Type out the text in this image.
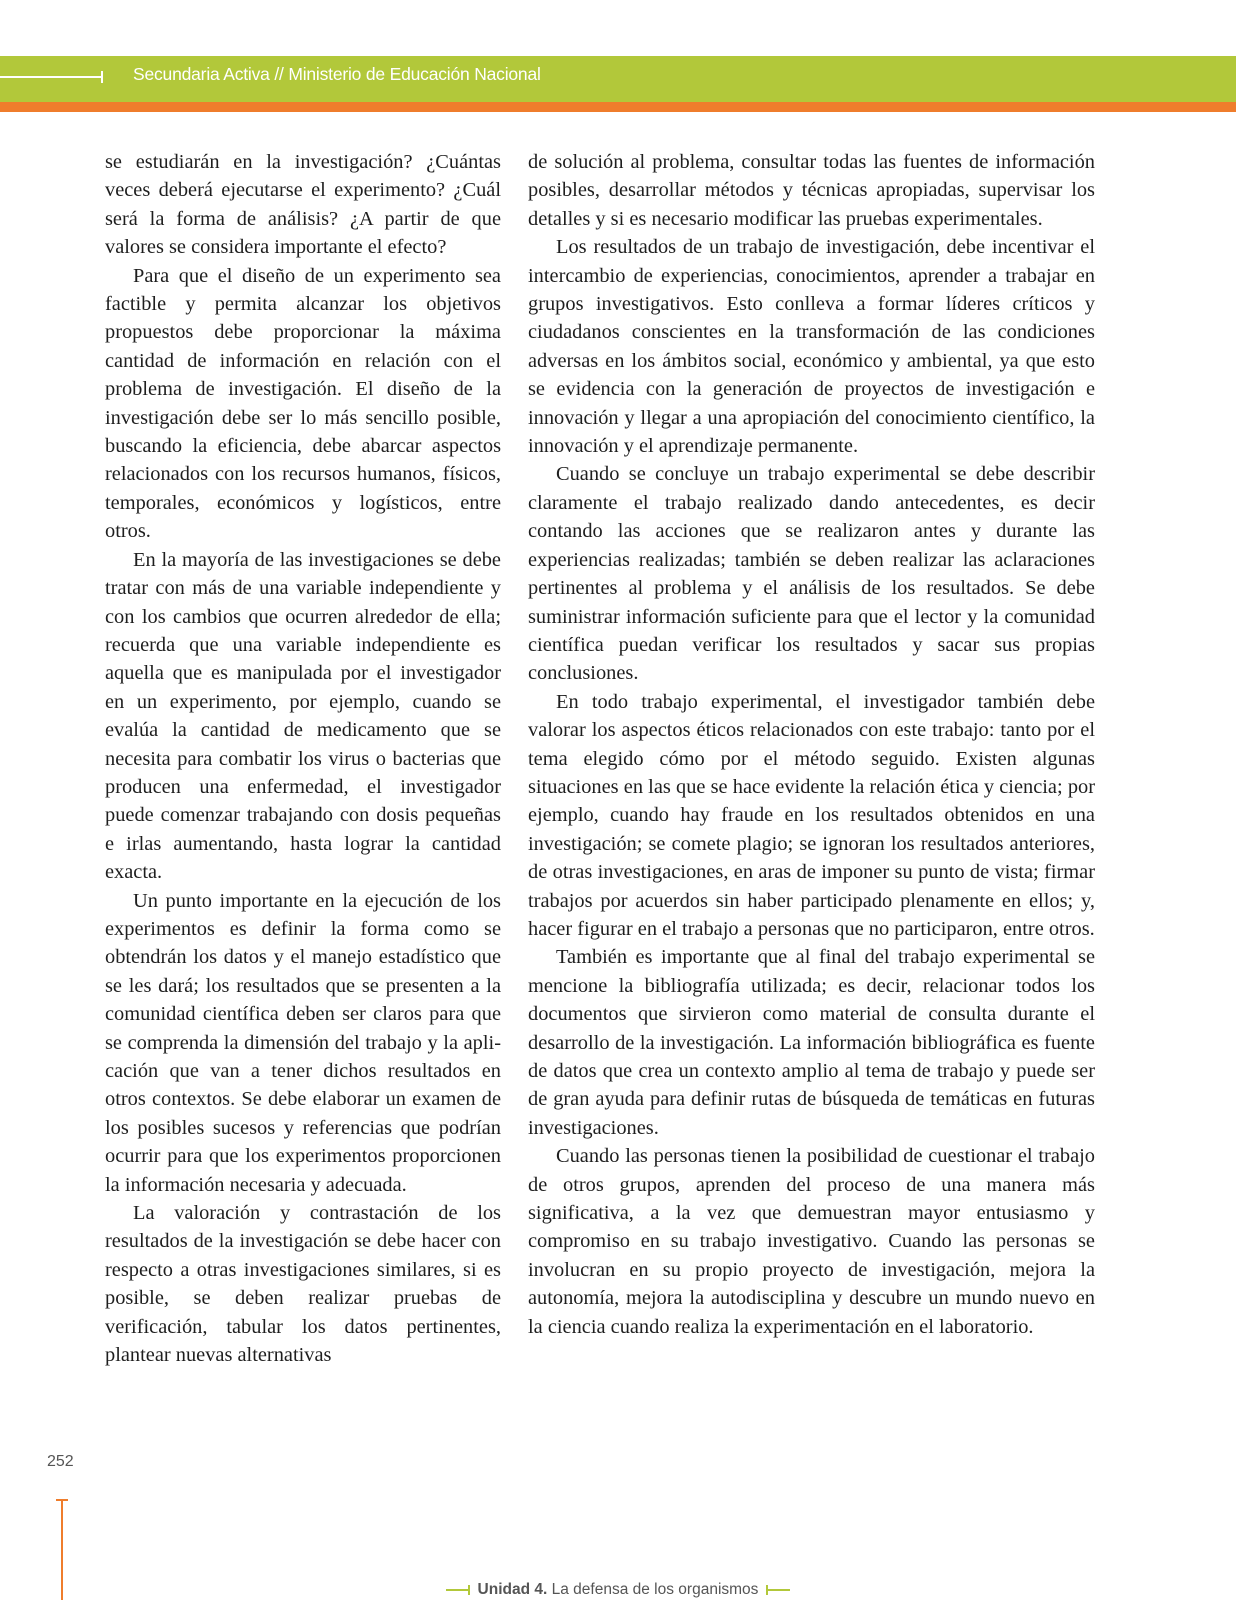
Secundaria Activa // Ministerio de Educación Nacional

se estudiarán en la investigación? ¿Cuántas veces deberá ejecutarse el experimento? ¿Cuál será la forma de análisis? ¿A partir de que valores se considera importante el efecto?

Para que el diseño de un experimento sea factible y permita alcanzar los objetivos propuestos debe proporcionar la máxima cantidad de información en relación con el problema de investigación. El diseño de la investigación debe ser lo más sencillo posible, buscando la eficiencia, debe abarcar aspectos relacionados con los recursos humanos, físicos, temporales, económicos y logísticos, entre otros.

En la mayoría de las investigaciones se debe tratar con más de una variable independiente y con los cambios que ocurren alrededor de ella; recuerda que una variable independiente es aquella que es manipulada por el investigador en un experimento, por ejemplo, cuando se evalúa la cantidad de medicamento que se necesita para combatir los virus o bacterias que producen una enfermedad, el investigador puede comenzar trabajando con dosis pequeñas e irlas aumentando, hasta lograr la cantidad exacta.

Un punto importante en la ejecución de los experimentos es definir la forma como se obtendrán los datos y el manejo estadístico que se les dará; los resultados que se presenten a la comunidad científica deben ser claros para que se comprenda la dimensión del trabajo y la aplicación que van a tener dichos resultados en otros contextos. Se debe elaborar un examen de los posibles sucesos y referencias que podrían ocurrir para que los experimentos proporcionen la información necesaria y adecuada.

La valoración y contrastación de los resultados de la investigación se debe hacer con respecto a otras investigaciones similares, si es posible, se deben realizar pruebas de verificación, tabular los datos pertinentes, plantear nuevas alternativas

de solución al problema, consultar todas las fuentes de información posibles, desarrollar métodos y técnicas apropiadas, supervisar los detalles y si es necesario modificar las pruebas experimentales.

Los resultados de un trabajo de investigación, debe incentivar el intercambio de experiencias, conocimientos, aprender a trabajar en grupos investigativos. Esto conlleva a formar líderes críticos y ciudadanos conscientes en la transformación de las condiciones adversas en los ámbitos social, económico y ambiental, ya que esto se evidencia con la generación de proyectos de investigación e innovación y llegar a una apropiación del conocimiento científico, la innovación y el aprendizaje permanente.

Cuando se concluye un trabajo experimental se debe describir claramente el trabajo realizado dando antecedentes, es decir contando las acciones que se realizaron antes y durante las experiencias realizadas; también se deben realizar las aclaraciones pertinentes al problema y el análisis de los resultados. Se debe suministrar información suficiente para que el lector y la comunidad científica puedan verificar los resultados y sacar sus propias conclusiones.

En todo trabajo experimental, el investigador también debe valorar los aspectos éticos relacionados con este trabajo: tanto por el tema elegido cómo por el método seguido. Existen algunas situaciones en las que se hace evidente la relación ética y ciencia; por ejemplo, cuando hay fraude en los resultados obtenidos en una investigación; se comete plagio; se ignoran los resultados anteriores, de otras investigaciones, en aras de imponer su punto de vista; firmar trabajos por acuerdos sin haber participado plenamente en ellos; y, hacer figurar en el trabajo a personas que no participaron, entre otros.

También es importante que al final del trabajo experimental se mencione la bibliografía utilizada; es decir, relacionar todos los documentos que sirvieron como material de consulta durante el desarrollo de la investigación. La información bibliográfica es fuente de datos que crea un contexto amplio al tema de trabajo y puede ser de gran ayuda para definir rutas de búsqueda de temáticas en futuras investigaciones.

Cuando las personas tienen la posibilidad de cuestionar el trabajo de otros grupos, aprenden del proceso de una manera más significativa, a la vez que demuestran mayor entusiasmo y compromiso en su trabajo investigativo. Cuando las personas se involucran en su propio proyecto de investigación, mejora la autonomía, mejora la autodisciplina y descubre un mundo nuevo en la ciencia cuando realiza la experimentación en el laboratorio.

252
Unidad 4. La defensa de los organismos
